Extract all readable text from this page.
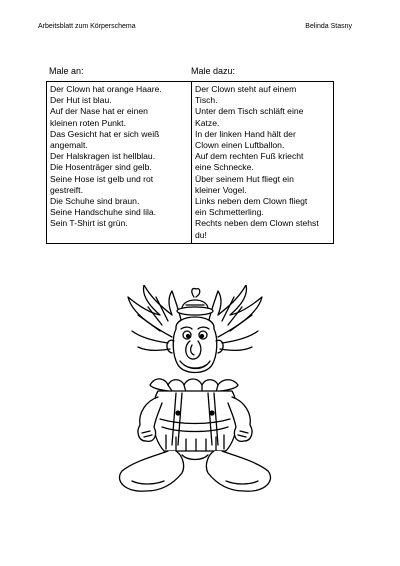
Arbeitsblatt zum Körperschema	Belinda Stasny
Male an:	Male dazu:
Der Clown hat orange Haare.
Der Hut ist blau.
Auf der Nase hat er einen
kleinen roten Punkt.
Das Gesicht hat er sich weiß
angemalt.
Der Halskragen ist hellblau.
Die Hosenträger sind gelb.
Seine Hose ist gelb und rot
gestreift.
Die Schuhe sind braun.
Seine Handschuhe sind lila.
Sein T-Shirt ist grün.

Der Clown steht auf einem
Tisch.
Unter dem Tisch schläft eine
Katze.
In der linken Hand hält der
Clown einen Luftballon.
Auf dem rechten Fuß kriecht
eine Schnecke.
Über seinem Hut fliegt ein
kleiner Vogel.
Links neben dem Clown fliegt
ein Schmetterling.
Rechts neben dem Clown stehst
du!
